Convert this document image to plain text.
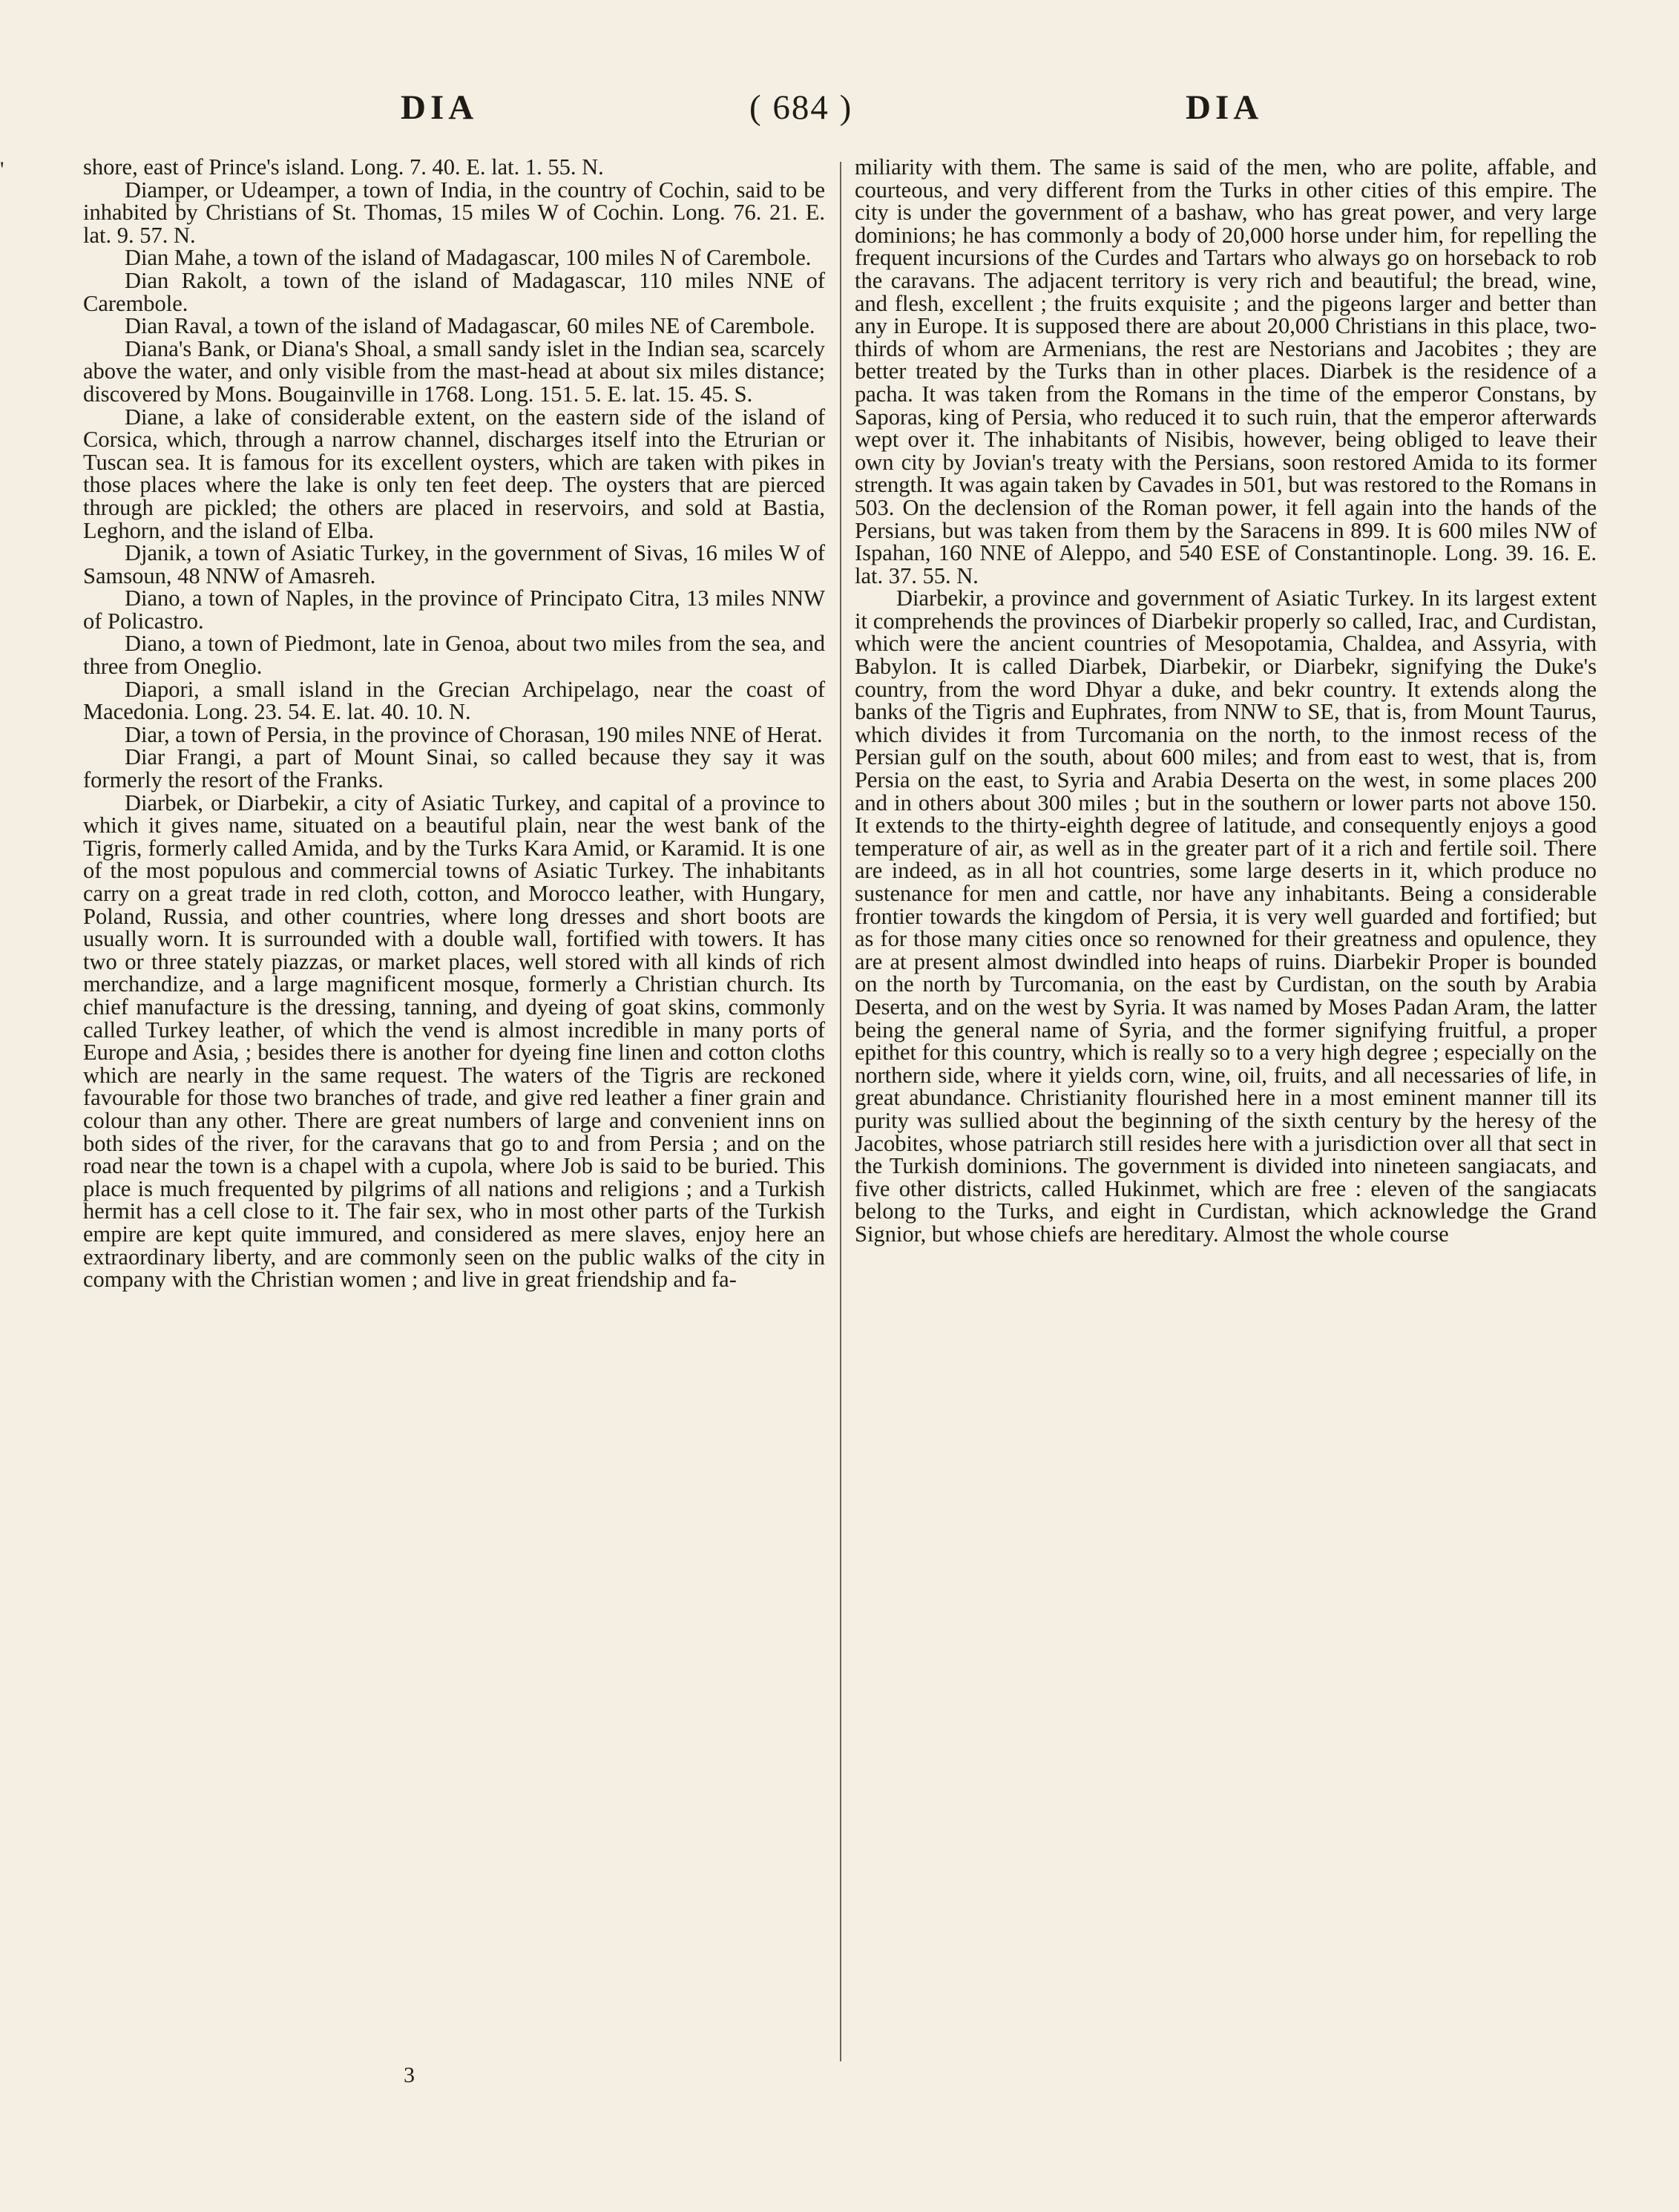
'
DIA	( 684 )	DIA

shore, east of Prince's island. Long. 7. 40. E. lat. 1. 55. N.

Diamper, or Udeamper, a town of India, in the country of Cochin, said to be inhabited by Christians of St. Thomas, 15 miles W of Cochin. Long. 76. 21. E. lat. 9. 57. N.

Dian Mahe, a town of the island of Madagascar, 100 miles N of Carembole.

Dian Rakolt, a town of the island of Madagascar, 110 miles NNE of Carembole.

Dian Raval, a town of the island of Madagascar, 60 miles NE of Carembole.

Diana's Bank, or Diana's Shoal, a small sandy islet in the Indian sea, scarcely above the water, and only visible from the mast-head at about six miles distance; discovered by Mons. Bougainville in 1768. Long. 151. 5. E. lat. 15. 45. S.

Diane, a lake of considerable extent, on the eastern side of the island of Corsica, which, through a narrow channel, discharges itself into the Etrurian or Tuscan sea. It is famous for its excellent oysters, which are taken with pikes in those places where the lake is only ten feet deep. The oysters that are pierced through are pickled; the others are placed in reservoirs, and sold at Bastia, Leghorn, and the island of Elba.

Djanik, a town of Asiatic Turkey, in the government of Sivas, 16 miles W of Samsoun, 48 NNW of Amasreh.

Diano, a town of Naples, in the province of Principato Citra, 13 miles NNW of Policastro.

Diano, a town of Piedmont, late in Genoa, about two miles from the sea, and three from Oneglio.

Diapori, a small island in the Grecian Archipelago, near the coast of Macedonia. Long. 23. 54. E. lat. 40. 10. N.

Diar, a town of Persia, in the province of Chorasan, 190 miles NNE of Herat.

Diar Frangi, a part of Mount Sinai, so called because they say it was formerly the resort of the Franks.

Diarbek, or Diarbekir, a city of Asiatic Turkey, and capital of a province to which it gives name, situated on a beautiful plain, near the west bank of the Tigris, formerly called Amida, and by the Turks Kara Amid, or Karamid. It is one of the most populous and commercial towns of Asiatic Turkey. The inhabitants carry on a great trade in red cloth, cotton, and Morocco leather, with Hungary, Poland, Russia, and other countries, where long dresses and short boots are usually worn. It is surrounded with a double wall, fortified with towers. It has two or three stately piazzas, or market places, well stored with all kinds of rich merchandize, and a large magnificent mosque, formerly a Christian church. Its chief manufacture is the dressing, tanning, and dyeing of goat skins, commonly called Turkey leather, of which the vend is almost incredible in many ports of Europe and Asia, ; besides there is another for dyeing fine linen and cotton cloths which are nearly in the same request. The waters of the Tigris are reckoned favourable for those two branches of trade, and give red leather a finer grain and colour than any other. There are great numbers of large and convenient inns on both sides of the river, for the caravans that go to and from Persia ; and on the road near the town is a chapel with a cupola, where Job is said to be buried. This place is much frequented by pilgrims of all nations and religions ; and a Turkish hermit has a cell close to it. The fair sex, who in most other parts of the Turkish empire are kept quite immured, and considered as mere slaves, enjoy here an extraordinary liberty, and are commonly seen on the public walks of the city in company with the Christian women ; and live in great friendship and fa-

miliarity with them. The same is said of the men, who are polite, affable, and courteous, and very different from the Turks in other cities of this empire. The city is under the government of a bashaw, who has great power, and very large dominions; he has commonly a body of 20,000 horse under him, for repelling the frequent incursions of the Curdes and Tartars who always go on horseback to rob the caravans. The adjacent territory is very rich and beautiful; the bread, wine, and flesh, excellent ; the fruits exquisite ; and the pigeons larger and better than any in Europe. It is supposed there are about 20,000 Christians in this place, two-thirds of whom are Armenians, the rest are Nestorians and Jacobites ; they are better treated by the Turks than in other places. Diarbek is the residence of a pacha. It was taken from the Romans in the time of the emperor Constans, by Saporas, king of Persia, who reduced it to such ruin, that the emperor afterwards wept over it. The inhabitants of Nisibis, however, being obliged to leave their own city by Jovian's treaty with the Persians, soon restored Amida to its former strength. It was again taken by Cavades in 501, but was restored to the Romans in 503. On the declension of the Roman power, it fell again into the hands of the Persians, but was taken from them by the Saracens in 899. It is 600 miles NW of Ispahan, 160 NNE of Aleppo, and 540 ESE of Constantinople. Long. 39. 16. E. lat. 37. 55. N.

Diarbekir, a province and government of Asiatic Turkey. In its largest extent it comprehends the provinces of Diarbekir properly so called, Irac, and Curdistan, which were the ancient countries of Mesopotamia, Chaldea, and Assyria, with Babylon. It is called Diarbek, Diarbekir, or Diarbekr, signifying the Duke's country, from the word Dhyar a duke, and bekr country. It extends along the banks of the Tigris and Euphrates, from NNW to SE, that is, from Mount Taurus, which divides it from Turcomania on the north, to the inmost recess of the Persian gulf on the south, about 600 miles; and from east to west, that is, from Persia on the east, to Syria and Arabia Deserta on the west, in some places 200 and in others about 300 miles ; but in the southern or lower parts not above 150. It extends to the thirty-eighth degree of latitude, and consequently enjoys a good temperature of air, as well as in the greater part of it a rich and fertile soil. There are indeed, as in all hot countries, some large deserts in it, which produce no sustenance for men and cattle, nor have any inhabitants. Being a considerable frontier towards the kingdom of Persia, it is very well guarded and fortified; but as for those many cities once so renowned for their greatness and opulence, they are at present almost dwindled into heaps of ruins. Diarbekir Proper is bounded on the north by Turcomania, on the east by Curdistan, on the south by Arabia Deserta, and on the west by Syria. It was named by Moses Padan Aram, the latter being the general name of Syria, and the former signifying fruitful, a proper epithet for this country, which is really so to a very high degree ; especially on the northern side, where it yields corn, wine, oil, fruits, and all necessaries of life, in great abundance. Christianity flourished here in a most eminent manner till its purity was sullied about the beginning of the sixth century by the heresy of the Jacobites, whose patriarch still resides here with a jurisdiction over all that sect in the Turkish dominions. The government is divided into nineteen sangiacats, and five other districts, called Hukinmet, which are free : eleven of the sangiacats belong to the Turks, and eight in Curdistan, which acknowledge the Grand Signior, but whose chiefs are hereditary. Almost the whole course

3
